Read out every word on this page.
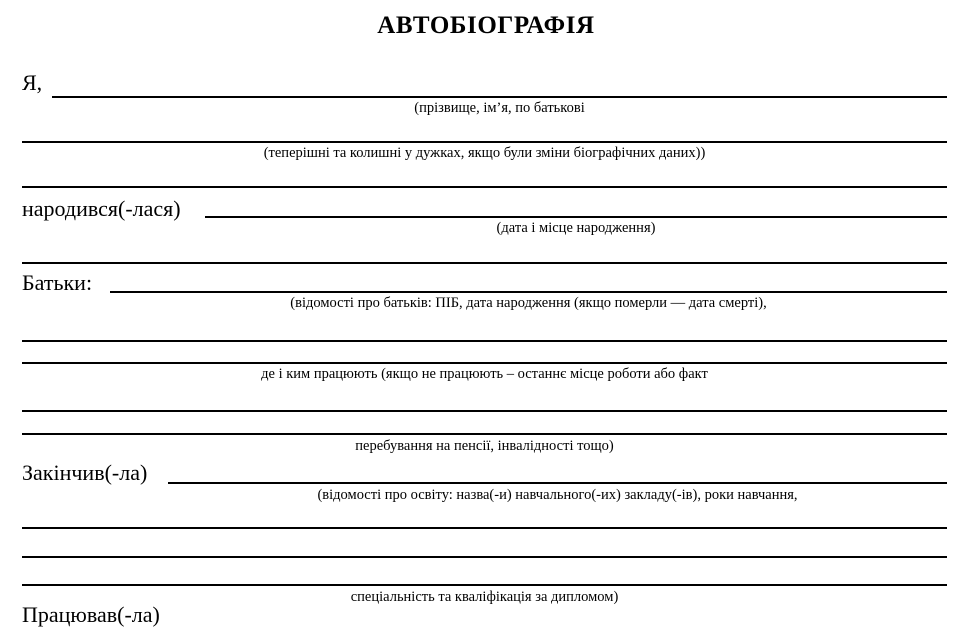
АВТОБІОГРАФІЯ
Я,
(прізвище, ім’я, по батькові
(теперішні та колишні у дужках, якщо були зміни біографічних даних))
народився(-лася)
(дата і місце народження)
Батьки:
(відомості про батьків: ПІБ, дата народження (якщо померли — дата смерті),
де і ким працюють (якщо не працюють – останнє місце роботи або факт
перебування на пенсії, інвалідності тощо)
Закінчив(-ла)
(відомості про освіту: назва(-и) навчального(-их) закладу(-ів), роки навчання,
спеціальність та кваліфікація за дипломом)
Працював(-ла)
